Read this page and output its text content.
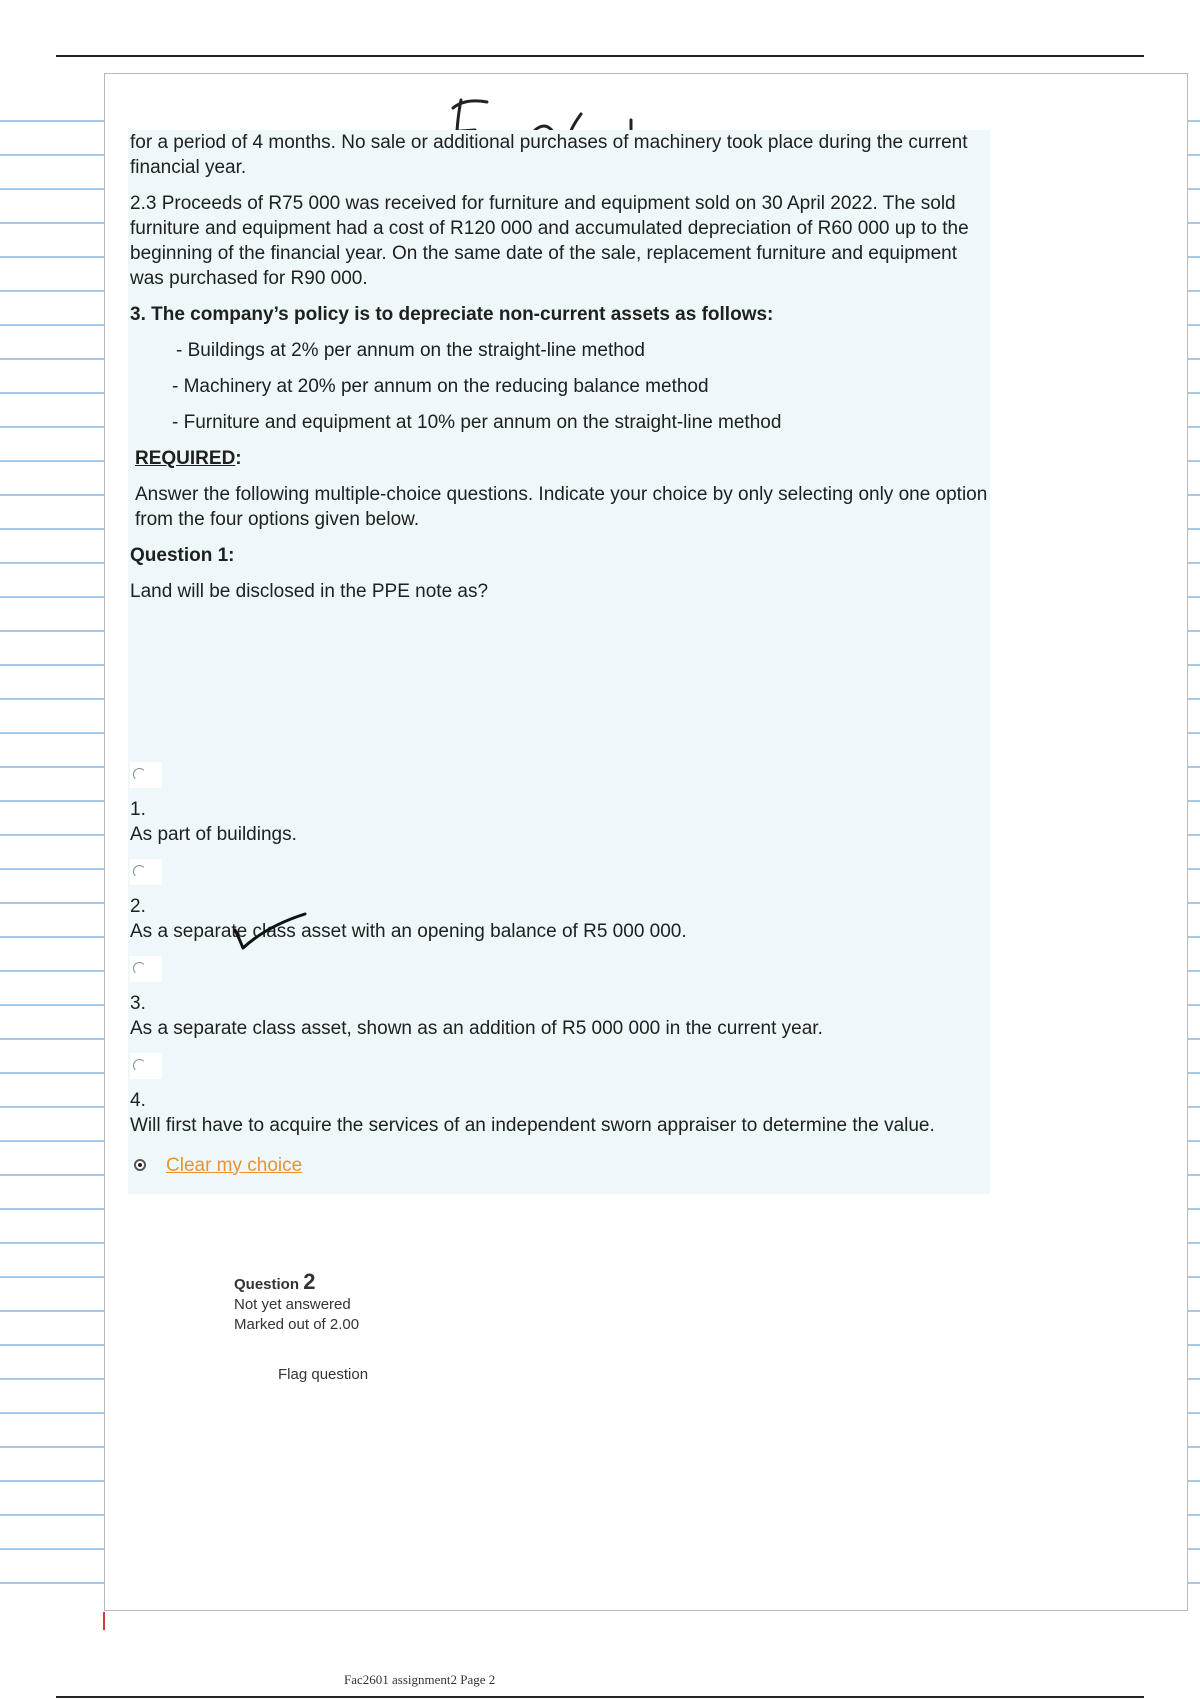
fac2601

for a period of 4 months. No sale or additional purchases of machinery took place during the current financial year.

2.3 Proceeds of R75 000 was received for furniture and equipment sold on 30 April 2022. The sold furniture and equipment had a cost of R120 000 and accumulated depreciation of R60 000 up to the beginning of the financial year. On the same date of the sale, replacement furniture and equipment was purchased for R90 000.

3. The company’s policy is to depreciate non-current assets as follows:

- Buildings at 2% per annum on the straight-line method

- Machinery at 20% per annum on the reducing balance method

- Furniture and equipment at 10% per annum on the straight-line method

REQUIRED:

Answer the following multiple-choice questions. Indicate your choice by only selecting only one option from the four options given below.

Question 1:

Land will be disclosed in the PPE note as?

1.
As part of buildings.
2.
As a separate class asset with an opening balance of R5 000 000.
3.
As a separate class asset, shown as an addition of R5 000 000 in the current year.
4.
Will first have to acquire the services of an independent sworn appraiser to determine the value.
Clear my choice
Question 2
Not yet answered
Marked out of 2.00
Flag question
Fac2601 assignment2 Page 2
